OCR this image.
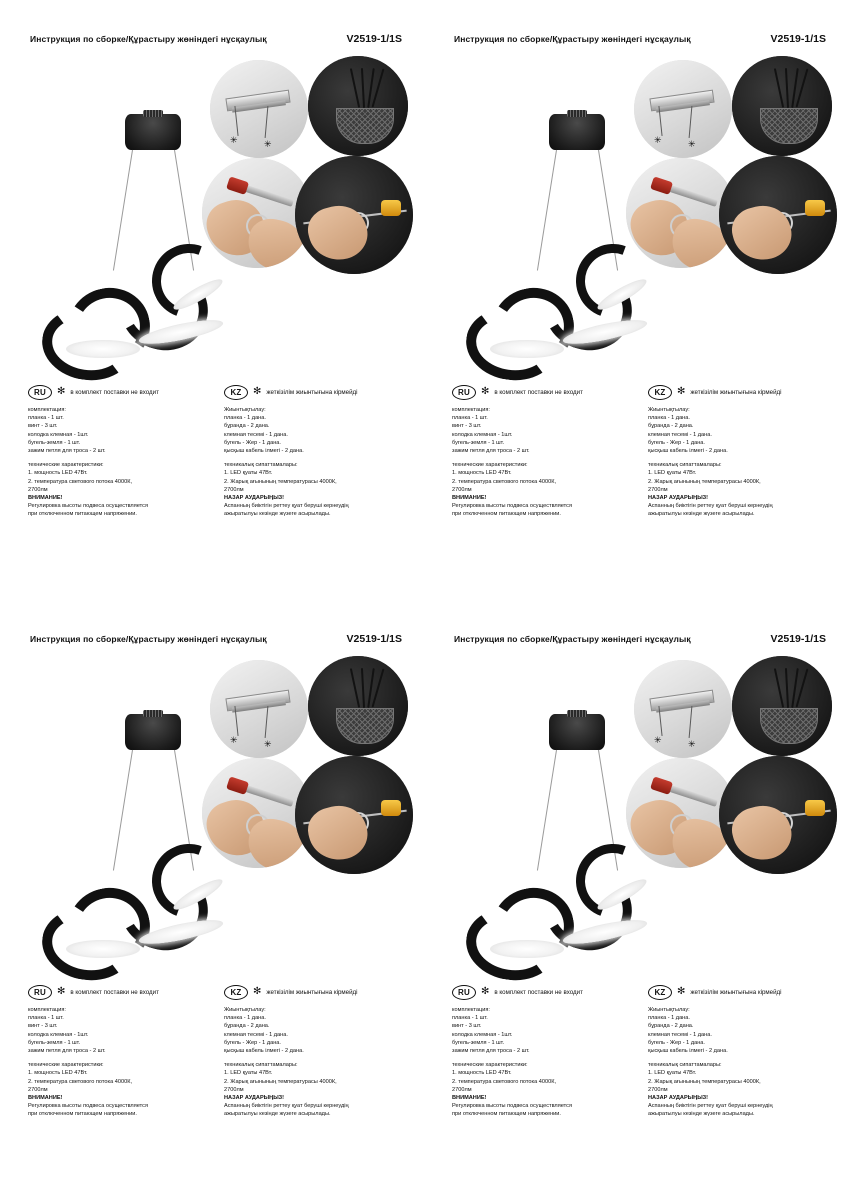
Инструкция по сборке/Құрастыру жөніндегі нұсқаулық	V2519-1/1S
✳	✳
RU	✻ в комплект поставки не входит

комплектация:

планка - 1 шт.

винт - 3 шт.

колодка клемная - 1шт.

бугель-земля - 1 шт.

зажим петля для троса - 2 шт.

технические характеристики:

1. мощность LED 47Вт.

2. температура светового потока 4000К,

2700лм

ВНИМАНИЕ!

Регулировка высоты подвеса осуществляется

при отключенном питающем напряжении.

KZ	✻ жеткізілім жиынтығына кірмейді

Жиынтықтылау:

планка - 1 дана.

бұранда - 2 дана.

клемная тесемі - 1 дана.

бугель - Жер - 1 дана.

қысқыш кабель ілмегі - 2 дана.

техникалық сипаттамалары:

1. LED қуаты 47Вт.

2. Жарық ағынының температурасы 4000К,

2700лм

НАЗАР АУДАРЫҢЫЗ!

Аспанның биіктігін реттеу қуат беруші кернеудің

ажыратылуы кезінде жүзеге асырылады.

Инструкция по сборке/Құрастыру жөніндегі нұсқаулық	V2519-1/1S
✳	✳
RU	✻ в комплект поставки не входит

комплектация:

планка - 1 шт.

винт - 3 шт.

колодка клемная - 1шт.

бугель-земля - 1 шт.

зажим петля для троса - 2 шт.

технические характеристики:

1. мощность LED 47Вт.

2. температура светового потока 4000К,

2700лм

ВНИМАНИЕ!

Регулировка высоты подвеса осуществляется

при отключенном питающем напряжении.

KZ	✻ жеткізілім жиынтығына кірмейді

Жиынтықтылау:

планка - 1 дана.

бұранда - 2 дана.

клемная тесемі - 1 дана.

бугель - Жер - 1 дана.

қысқыш кабель ілмегі - 2 дана.

техникалық сипаттамалары:

1. LED қуаты 47Вт.

2. Жарық ағынының температурасы 4000К,

2700лм

НАЗАР АУДАРЫҢЫЗ!

Аспанның биіктігін реттеу қуат беруші кернеудің

ажыратылуы кезінде жүзеге асырылады.

Инструкция по сборке/Құрастыру жөніндегі нұсқаулық	V2519-1/1S
✳	✳
RU	✻ в комплект поставки не входит

комплектация:

планка - 1 шт.

винт - 3 шт.

колодка клемная - 1шт.

бугель-земля - 1 шт.

зажим петля для троса - 2 шт.

технические характеристики:

1. мощность LED 47Вт.

2. температура светового потока 4000К,

2700лм

ВНИМАНИЕ!

Регулировка высоты подвеса осуществляется

при отключенном питающем напряжении.

KZ	✻ жеткізілім жиынтығына кірмейді

Жиынтықтылау:

планка - 1 дана.

бұранда - 2 дана.

клемная тесемі - 1 дана.

бугель - Жер - 1 дана.

қысқыш кабель ілмегі - 2 дана.

техникалық сипаттамалары:

1. LED қуаты 47Вт.

2. Жарық ағынының температурасы 4000К,

2700лм

НАЗАР АУДАРЫҢЫЗ!

Аспанның биіктігін реттеу қуат беруші кернеудің

ажыратылуы кезінде жүзеге асырылады.

Инструкция по сборке/Құрастыру жөніндегі нұсқаулық	V2519-1/1S
✳	✳
RU	✻ в комплект поставки не входит

комплектация:

планка - 1 шт.

винт - 3 шт.

колодка клемная - 1шт.

бугель-земля - 1 шт.

зажим петля для троса - 2 шт.

технические характеристики:

1. мощность LED 47Вт.

2. температура светового потока 4000К,

2700лм

ВНИМАНИЕ!

Регулировка высоты подвеса осуществляется

при отключенном питающем напряжении.

KZ	✻ жеткізілім жиынтығына кірмейді

Жиынтықтылау:

планка - 1 дана.

бұранда - 2 дана.

клемная тесемі - 1 дана.

бугель - Жер - 1 дана.

қысқыш кабель ілмегі - 2 дана.

техникалық сипаттамалары:

1. LED қуаты 47Вт.

2. Жарық ағынының температурасы 4000К,

2700лм

НАЗАР АУДАРЫҢЫЗ!

Аспанның биіктігін реттеу қуат беруші кернеудің

ажыратылуы кезінде жүзеге асырылады.
